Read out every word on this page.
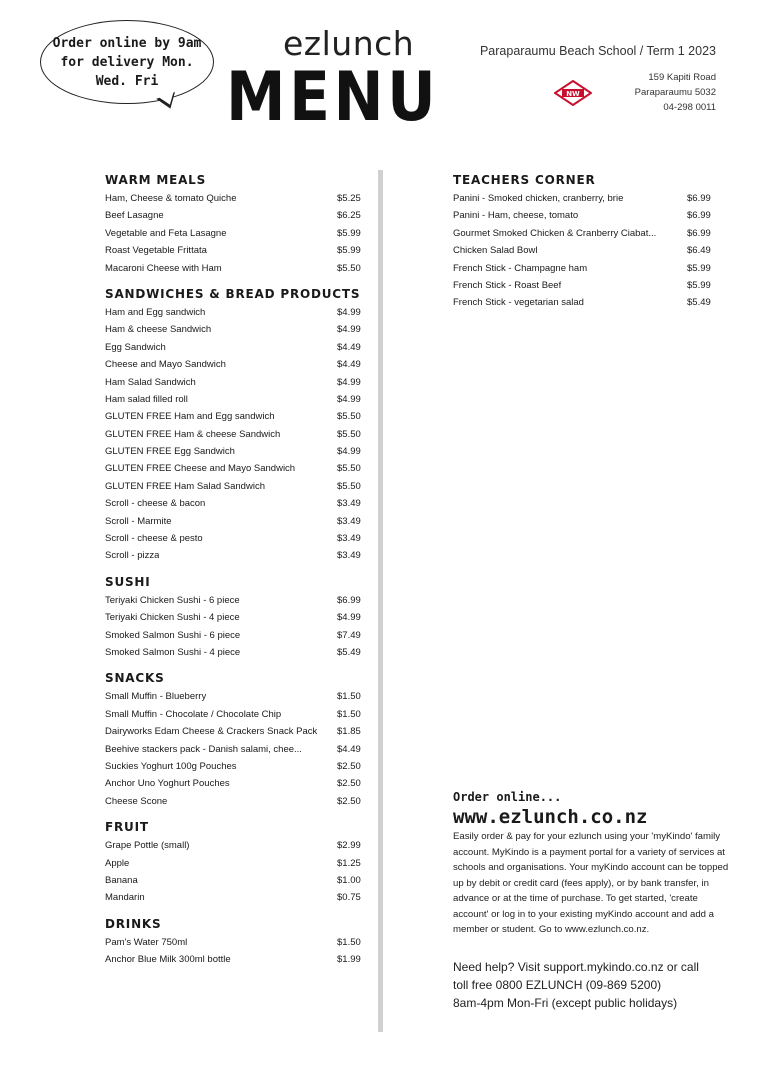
Order online by 9am for delivery Mon. Wed. Fri
ezlunch
MENU
Paraparaumu Beach School / Term 1 2023
NW
159 Kapiti Road
Paraparaumu 5032
04-298 0011
WARM MEALS
Ham, Cheese & tomato Quiche	$5.25
Beef Lasagne	$6.25
Vegetable and Feta Lasagne	$5.99
Roast Vegetable Frittata	$5.99
Macaroni Cheese with Ham	$5.50
SANDWICHES & BREAD PRODUCTS
Ham and Egg sandwich	$4.99
Ham & cheese Sandwich	$4.99
Egg Sandwich	$4.49
Cheese and Mayo Sandwich	$4.49
Ham Salad Sandwich	$4.99
Ham salad filled roll	$4.99
GLUTEN FREE Ham and Egg sandwich	$5.50
GLUTEN FREE Ham & cheese Sandwich	$5.50
GLUTEN FREE Egg Sandwich	$4.99
GLUTEN FREE Cheese and Mayo Sandwich	$5.50
GLUTEN FREE Ham Salad Sandwich	$5.50
Scroll - cheese & bacon	$3.49
Scroll - Marmite	$3.49
Scroll - cheese & pesto	$3.49
Scroll - pizza	$3.49
SUSHI
Teriyaki Chicken Sushi - 6 piece	$6.99
Teriyaki Chicken Sushi - 4 piece	$4.99
Smoked Salmon Sushi - 6 piece	$7.49
Smoked Salmon Sushi - 4 piece	$5.49
SNACKS
Small Muffin - Blueberry	$1.50
Small Muffin - Chocolate / Chocolate Chip	$1.50
Dairyworks Edam Cheese & Crackers Snack Pack $1.85
Beehive stackers pack - Danish salami, chee...	$4.49
Suckies Yoghurt 100g Pouches	$2.50
Anchor Uno Yoghurt Pouches	$2.50
Cheese Scone	$2.50
FRUIT
Grape Pottle (small)	$2.99
Apple	$1.25
Banana	$1.00
Mandarin	$0.75
DRINKS
Pam's Water 750ml	$1.50
Anchor Blue Milk 300ml bottle	$1.99
TEACHERS CORNER
Panini - Smoked chicken, cranberry, brie	$6.99
Panini - Ham, cheese, tomato	$6.99
Gourmet Smoked Chicken & Cranberry Ciabat...	$6.99
Chicken Salad Bowl	$6.49
French Stick - Champagne ham	$5.99
French Stick - Roast Beef	$5.99
French Stick - vegetarian salad	$5.49
Order online... www.ezlunch.co.nz
Easily order & pay for your ezlunch using your 'myKindo' family account. MyKindo is a payment portal for a variety of services at schools and organisations. Your myKindo account can be topped up by debit or credit card (fees apply), or by bank transfer, in advance or at the time of purchase. To get started, 'create account' or log in to your existing myKindo account and add a member or student. Go to www.ezlunch.co.nz.
Need help? Visit support.mykindo.co.nz or call
toll free 0800 EZLUNCH (09-869 5200)
8am-4pm Mon-Fri (except public holidays)
